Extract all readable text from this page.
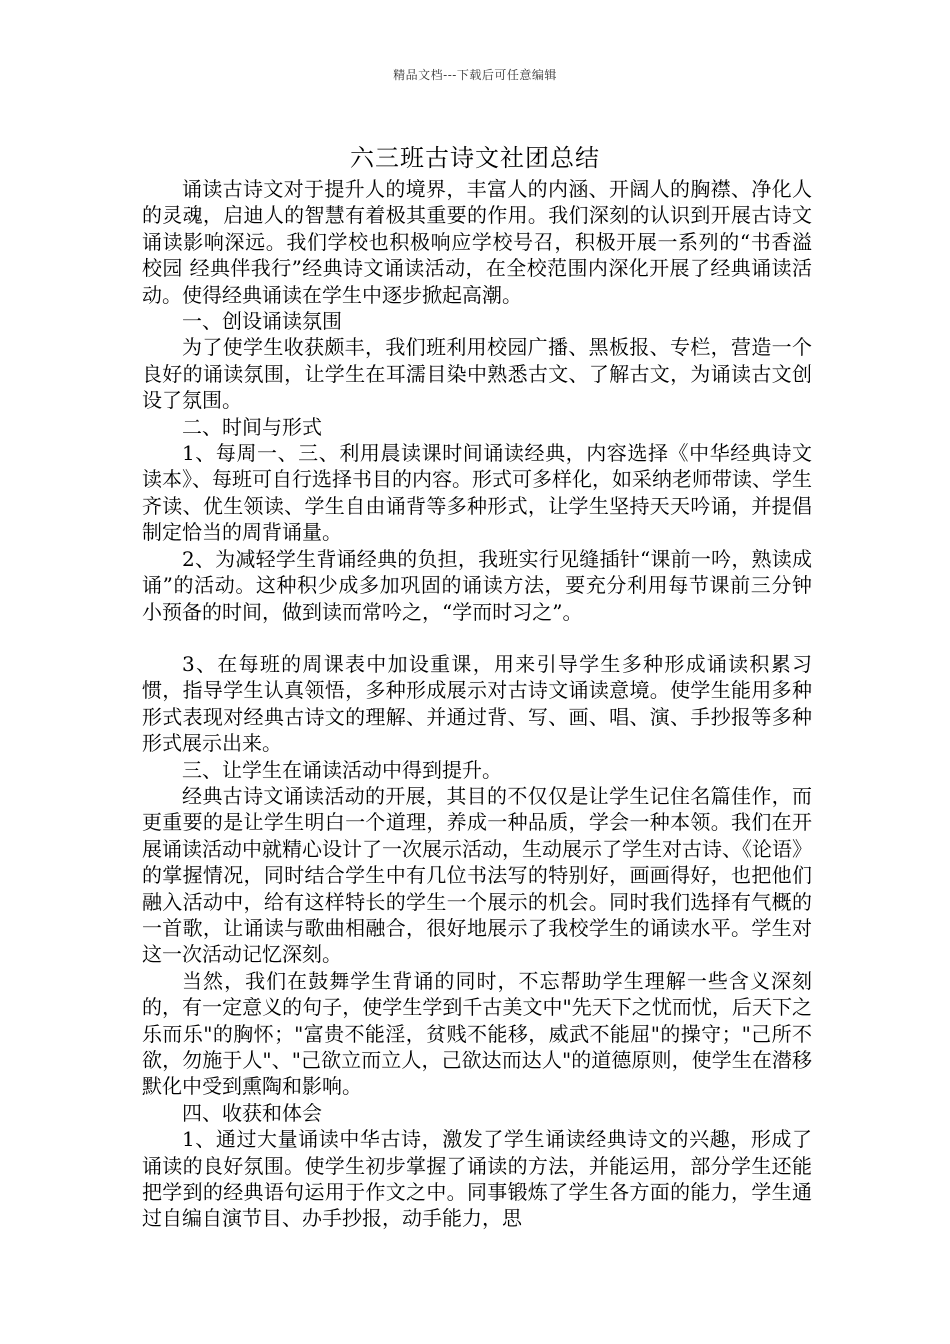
精品文档---下载后可任意编辑
六三班古诗文社团总结

诵读古诗文对于提升人的境界，丰富人的内涵、开阔人的胸襟、净化人的灵魂，启迪人的智慧有着极其重要的作用。我们深刻的认识到开展古诗文诵读影响深远。我们学校也积极响应学校号召，积极开展一系列的“书香溢校园 经典伴我行”经典诗文诵读活动，在全校范围内深化开展了经典诵读活动。使得经典诵读在学生中逐步掀起高潮。

一、创设诵读氛围

为了使学生收获颇丰，我们班利用校园广播、黑板报、专栏，营造一个良好的诵读氛围，让学生在耳濡目染中熟悉古文、了解古文，为诵读古文创设了氛围。

二、时间与形式

1、每周一、三、利用晨读课时间诵读经典，内容选择《中华经典诗文读本》、每班可自行选择书目的内容。形式可多样化，如采纳老师带读、学生齐读、优生领读、学生自由诵背等多种形式，让学生坚持天天吟诵，并提倡制定恰当的周背诵量。

2、为减轻学生背诵经典的负担，我班实行见缝插针“课前一吟，熟读成诵”的活动。这种积少成多加巩固的诵读方法，要充分利用每节课前三分钟小预备的时间，做到读而常吟之，“学而时习之”。

3、在每班的周课表中加设重课，用来引导学生多种形成诵读积累习惯，指导学生认真领悟，多种形成展示对古诗文诵读意境。使学生能用多种形式表现对经典古诗文的理解、并通过背、写、画、唱、演、手抄报等多种形式展示出来。

三、让学生在诵读活动中得到提升。

经典古诗文诵读活动的开展，其目的不仅仅是让学生记住名篇佳作，而更重要的是让学生明白一个道理，养成一种品质，学会一种本领。我们在开展诵读活动中就精心设计了一次展示活动，生动展示了学生对古诗、《论语》的掌握情况，同时结合学生中有几位书法写的特别好，画画得好，也把他们融入活动中，给有这样特长的学生一个展示的机会。同时我们选择有气概的一首歌，让诵读与歌曲相融合，很好地展示了我校学生的诵读水平。学生对这一次活动记忆深刻。

当然，我们在鼓舞学生背诵的同时，不忘帮助学生理解一些含义深刻的，有一定意义的句子，使学生学到千古美文中"先天下之忧而忧，后天下之乐而乐"的胸怀；"富贵不能淫，贫贱不能移，威武不能屈"的操守；"己所不欲，勿施于人"、"己欲立而立人，己欲达而达人"的道德原则，使学生在潜移默化中受到熏陶和影响。

四、收获和体会

1、通过大量诵读中华古诗，激发了学生诵读经典诗文的兴趣，形成了诵读的良好氛围。使学生初步掌握了诵读的方法，并能运用，部分学生还能把学到的经典语句运用于作文之中。同事锻炼了学生各方面的能力，学生通过自编自演节目、办手抄报，动手能力，思
